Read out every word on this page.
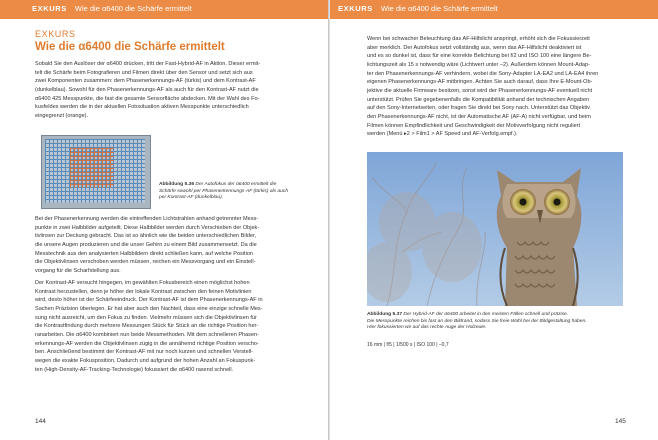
EXKURS Wie die α6400 die Schärfe ermittelt
EXKURS
Wie die α6400 die Schärfe ermittelt
Sobald Sie den Auslöser der α6400 drücken, tritt der Fast-Hybrid-AF in Aktion. Dieser ermit-
telt die Schärfe beim Fotografieren und Filmen direkt über den Sensor und setzt sich aus
zwei Komponenten zusammen: dem Phasenerkennungs-AF (türkis) und dem Kontrast-AF
(dunkelblau). Sowohl für den Phasenerkennungs-AF als auch für den Kontrast-AF nutzt die
α6400 425 Messpunkte, die fast die gesamte Sensorfläche abdecken. Mit der Wahl des Fo-
kusfeldes werden die in der aktuellen Fotosituation aktiven Messpunkte unterschiedlich
eingegrenzt (orange).
Abbildung 5.36 Der Autofokus der α6400 ermittelt die
Schärfe sowohl per Phasenerkennungs-AF (türkis) als auch
per Kontrast-AF (dunkelblau).
Bei der Phasenerkennung werden die eintreffenden Lichtstrahlen anhand getrennter Mess-
punkte in zwei Halbbilder aufgeteilt. Diese Halbbilder werden durch Verschieben der Objek-
tivlinsen zur Deckung gebracht. Das ist so ähnlich wie die beiden unterschiedlichen Bilder,
die unsere Augen produzieren und die unser Gehirn zu einem Bild zusammensetzt. Da die
Messtechnik aus den analysierten Halbbildern direkt schließen kann, auf welche Position
die Objektivlinsen verschoben werden müssen, reichen ein Messvorgang und ein Einstell-
vorgang für die Scharfstellung aus.
Der Kontrast-AF versucht hingegen, im gewählten Fokusbereich einen möglichst hohen
Kontrast herzustellen, denn je höher der lokale Kontrast zwischen den feinen Motivlinien
wird, desto höher ist der Schärfeeindruck. Der Kontrast-AF ist dem Phasenerkennungs-AF in
Sachen Präzision überlegen. Er hat aber auch den Nachteil, dass eine einzige schnelle Mes-
sung nicht ausreicht, um den Fokus zu finden. Vielmehr müssen sich die Objektivlinsen für
die Kontrastfindung durch mehrere Messungen Stück für Stück an die richtige Position her-
ranarbeiten. Die α6400 kombiniert nun beide Messmethoden. Mit dem schnelleren Phasen-
erkennungs-AF werden die Objektivlinsen zügig in die annähernd richtige Position verscho-
ben. Anschließend bestimmt der Kontrast-AF mit nur noch kurzen und schnellen Verstell-
wegen die exakte Fokusposition. Dadurch und aufgrund der hohen Anzahl an Fokuspunk-
ten (High-Density-AF-Tracking-Technologie) fokussiert die α6400 rasend schnell.
144
EXKURS Wie die α6400 die Schärfe ermittelt
Wenn bei schwacher Beleuchtung das AF-Hilfslicht anspringt, erhöht sich die Fokussierzeit
aber merklich. Der Autofokus setzt vollständig aus, wenn das AF-Hilfslicht deaktiviert ist
und es so dunkel ist, dass für eine korrekte Belichtung bei f/2 und ISO 100 eine längere Be-
lichtungszeit als 15 s notwendig wäre (Lichtwert unter –2). Außerdem können Mount-Adap-
ter den Phasenerkennungs-AF verhindern, wobei die Sony-Adapter LA-EA2 und LA-EA4 ihren
eigenen Phasenerkennungs-AF mitbringen. Achten Sie auch darauf, dass Ihre E-Mount-Ob-
jektive die aktuelle Firmware besitzen, sonst wird der Phasenerkennungs-AF eventuell nicht
unterstützt. Prüfen Sie gegebenenfalls die Kompatibilität anhand der technischen Angaben
auf den Sony-Internetseiten, oder fragen Sie direkt bei Sony nach. Unterstützt das Objektiv
den Phasenerkennungs-AF nicht, ist der Automatische AF (AF-A) nicht verfügbar, und beim
Filmen können Empfindlichkeit und Geschwindigkeit der Motivverfolgung nicht reguliert
werden (Menü ▸2 > Film1 > AF Speed und AF-Verfolg.empf.).
Abbildung 5.37 Der Hybrid-AF der α6400 arbeitet in den meisten Fällen schnell und präzise.
Die Messpunkte reichen bis fast an den Bildrand, sodass Sie freie Wahl bei der Bildgestaltung haben.
Hier fokussierten wir auf das rechte Auge der Holzeule.
16 mm | f/5 | 1/500 s | ISO 100 | –0,7
145
